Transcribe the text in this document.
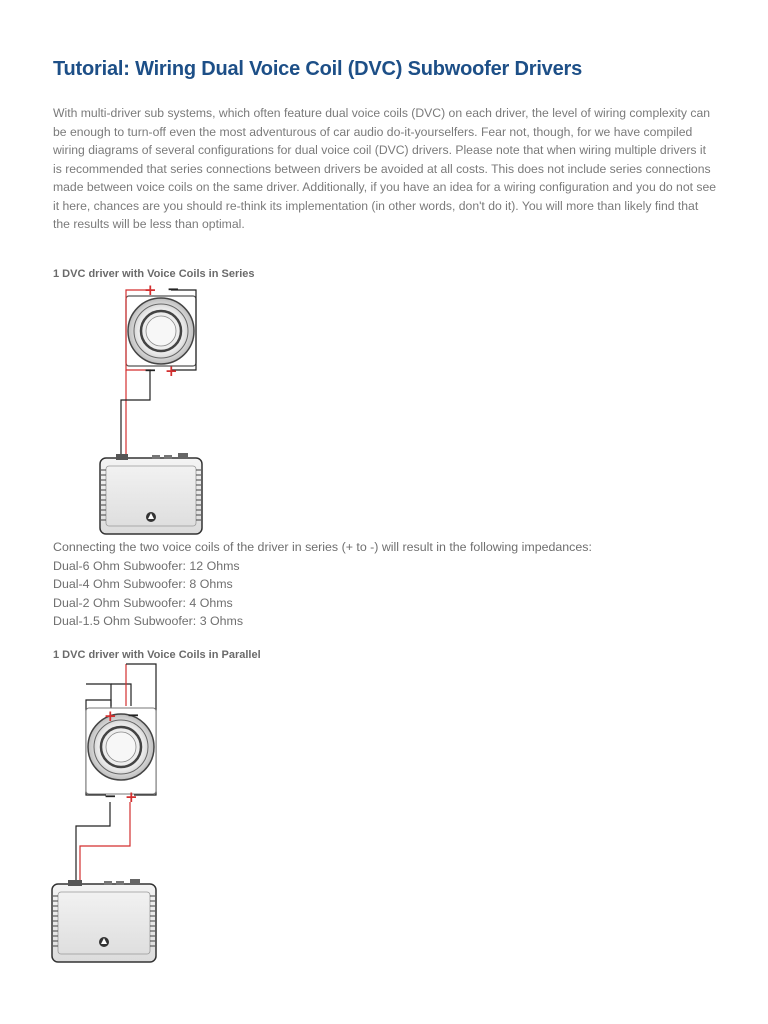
Tutorial: Wiring Dual Voice Coil (DVC) Subwoofer Drivers

With multi-driver sub systems, which often feature dual voice coils (DVC) on each driver, the level of wiring complexity can be enough to turn-off even the most adventurous of car audio do-it-yourselfers. Fear not, though, for we have compiled wiring diagrams of several configurations for dual voice coil (DVC) drivers. Please note that when wiring multiple drivers it is recommended that series connections between drivers be avoided at all costs. This does not include series connections made between voice coils on the same driver. Additionally, if you have an idea for a wiring configuration and you do not see it here, chances are you should re-think its implementation (in other words, don't do it). You will more than likely find that the results will be less than optimal.

1 DVC driver with Voice Coils in Series

+ −
− +
Connecting the two voice coils of the driver in series (+ to -) will result in the following impedances:
Dual-6 Ohm Subwoofer: 12 Ohms
Dual-4 Ohm Subwoofer: 8 Ohms
Dual-2 Ohm Subwoofer: 4 Ohms
Dual-1.5 Ohm Subwoofer: 3 Ohms

1 DVC driver with Voice Coils in Parallel

+ −
− +
